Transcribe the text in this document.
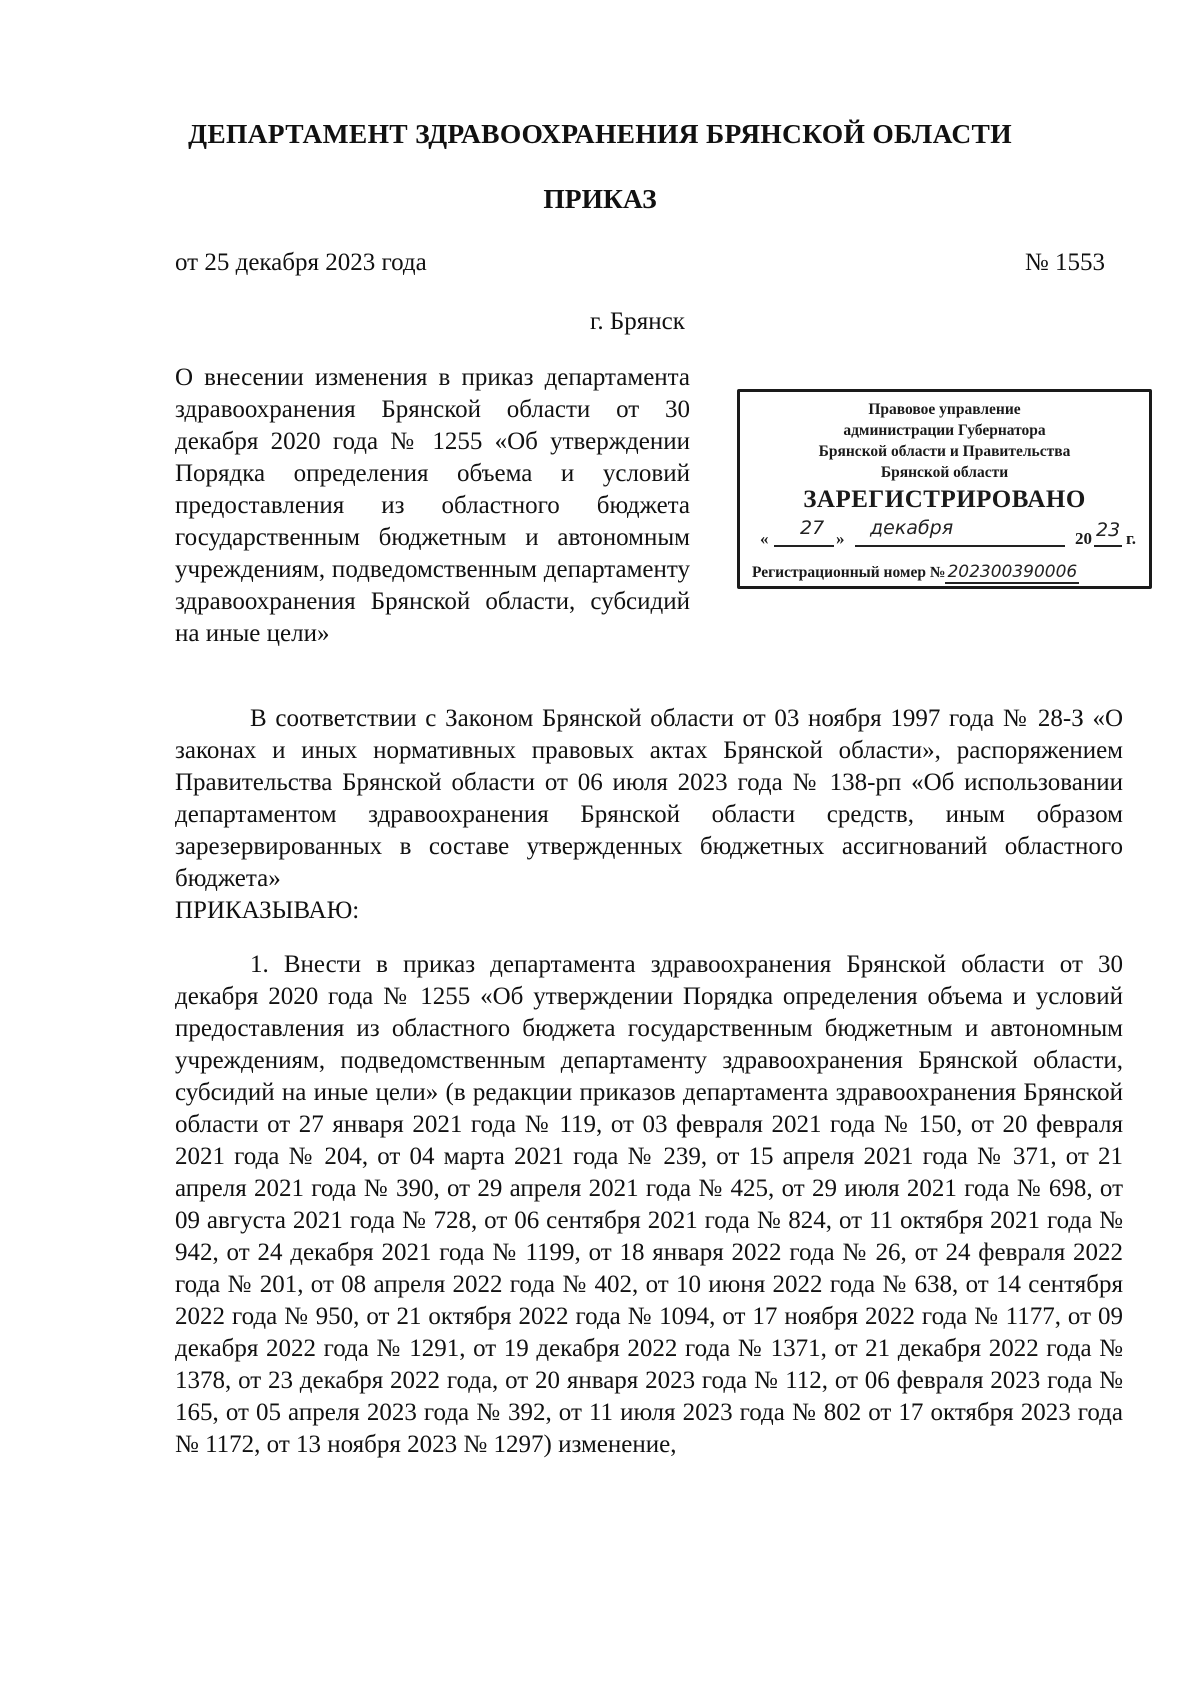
ДЕПАРТАМЕНТ ЗДРАВООХРАНЕНИЯ БРЯНСКОЙ ОБЛАСТИ
ПРИКАЗ
от 25 декабря 2023 года	№ 1553
г. Брянск
О внесении изменения в приказ департамента здравоохранения Брянской области от 30 декабря 2020 года № 1255 «Об утверждении Порядка определения объема и условий предоставления из областного бюджета государственным бюджетным и автономным учреждениям, подведомственным департаменту здравоохранения Брянской области, субсидий на иные цели»
Правовое управление
администрации Губернатора
Брянской области и Правительства
Брянской области
ЗАРЕГИСТРИРОВАНО
« 27 » декабря	20 23 г.
Регистрационный номер № 202300390006

В соответствии с Законом Брянской области от 03 ноября 1997 года № 28-З «О законах и иных нормативных правовых актах Брянской области», распоряжением Правительства Брянской области от 06 июля 2023 года № 138-рп «Об использовании департаментом здравоохранения Брянской области средств, иным образом зарезервированных в составе утвержденных бюджетных ассигнований областного бюджета»

ПРИКАЗЫВАЮ:

1. Внести в приказ департамента здравоохранения Брянской области от 30 декабря 2020 года № 1255 «Об утверждении Порядка определения объема и условий предоставления из областного бюджета государственным бюджетным и автономным учреждениям, подведомственным департаменту здравоохранения Брянской области, субсидий на иные цели» (в редакции приказов департамента здравоохранения Брянской области от 27 января 2021 года № 119, от 03 февраля 2021 года № 150, от 20 февраля 2021 года № 204, от 04 марта 2021 года № 239, от 15 апреля 2021 года № 371, от 21 апреля 2021 года № 390, от 29 апреля 2021 года № 425, от 29 июля 2021 года № 698, от 09 августа 2021 года № 728, от 06 сентября 2021 года № 824, от 11 октября 2021 года № 942, от 24 декабря 2021 года № 1199, от 18 января 2022 года № 26, от 24 февраля 2022 года № 201, от 08 апреля 2022 года № 402, от 10 июня 2022 года № 638, от 14 сентября 2022 года № 950, от 21 октября 2022 года № 1094, от 17 ноября 2022 года № 1177, от 09 декабря 2022 года № 1291, от 19 декабря 2022 года № 1371, от 21 декабря 2022 года № 1378, от 23 декабря 2022 года, от 20 января 2023 года № 112, от 06 февраля 2023 года № 165, от 05 апреля 2023 года № 392, от 11 июля 2023 года № 802 от 17 октября 2023 года № 1172, от 13 ноября 2023 № 1297) изменение,
